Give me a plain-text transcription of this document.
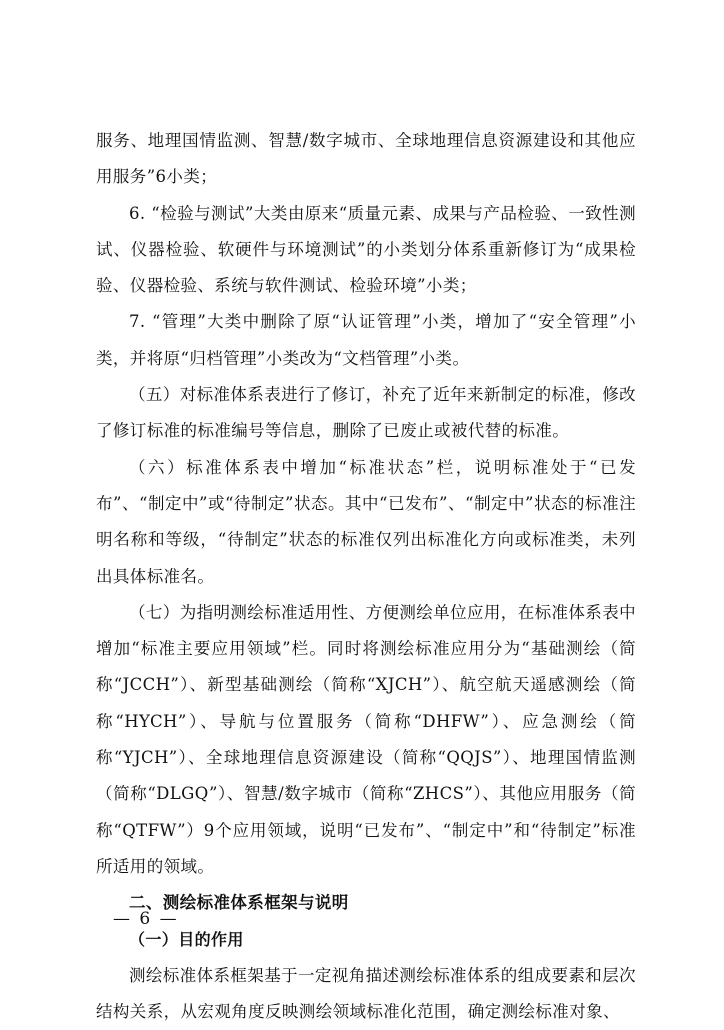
服务、地理国情监测、智慧/数字城市、全球地理信息资源建设和其他应用服务”6小类；

6. “检验与测试”大类由原来“质量元素、成果与产品检验、一致性测试、仪器检验、软硬件与环境测试”的小类划分体系重新修订为“成果检验、仪器检验、系统与软件测试、检验环境”小类；

7. “管理”大类中删除了原“认证管理”小类，增加了“安全管理”小类，并将原“归档管理”小类改为“文档管理”小类。

（五）对标准体系表进行了修订，补充了近年来新制定的标准，修改了修订标准的标准编号等信息，删除了已废止或被代替的标准。

（六）标准体系表中增加“标准状态”栏，说明标准处于“已发布”、“制定中”或“待制定”状态。其中“已发布”、“制定中”状态的标准注明名称和等级，“待制定”状态的标准仅列出标准化方向或标准类，未列出具体标准名。

（七）为指明测绘标准适用性、方便测绘单位应用，在标准体系表中增加“标准主要应用领域”栏。同时将测绘标准应用分为“基础测绘（简称“JCCH”）、新型基础测绘（简称“XJCH”）、航空航天遥感测绘（简称“HYCH”）、导航与位置服务（简称“DHFW”）、应急测绘（简称“YJCH”）、全球地理信息资源建设（简称“QQJS”）、地理国情监测（简称“DLGQ”）、智慧/数字城市（简称“ZHCS”）、其他应用服务（简称“QTFW”）9个应用领域，说明“已发布”、“制定中”和“待制定”标准所适用的领域。

二、测绘标准体系框架与说明

（一）目的作用

测绘标准体系框架基于一定视角描述测绘标准体系的组成要素和层次结构关系，从宏观角度反映测绘领域标准化范围，确定测绘标准对象、

— 6 —
